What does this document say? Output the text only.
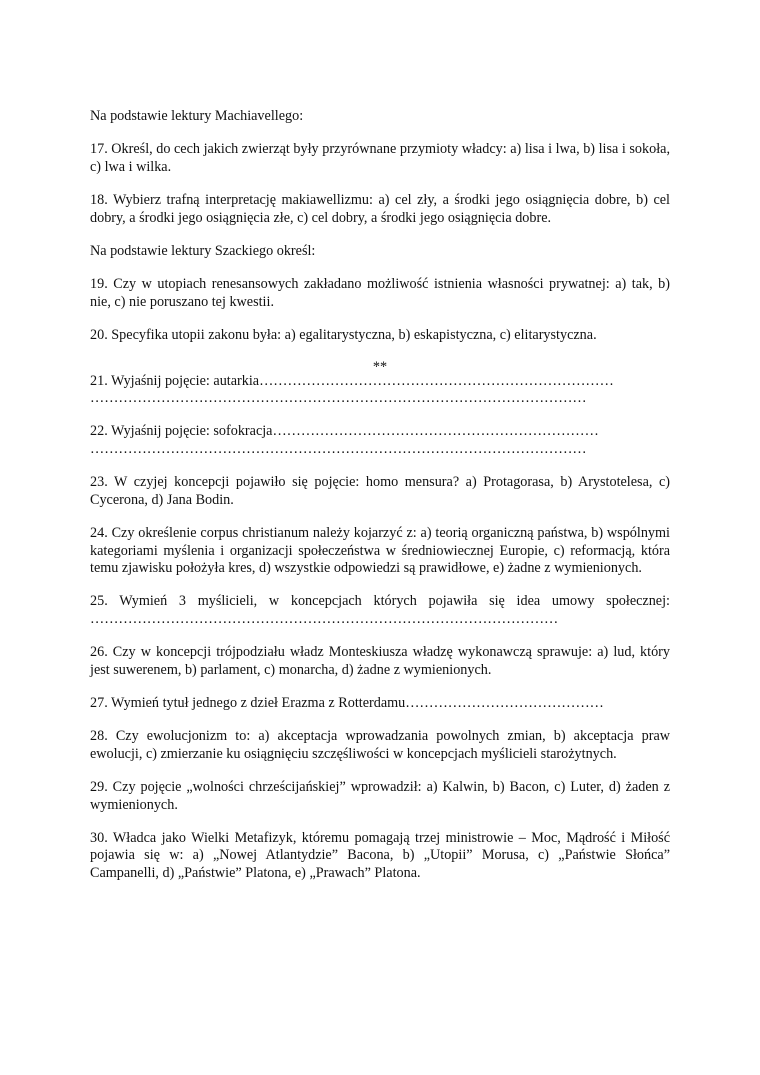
Na podstawie lektury Machiavellego:

17. Określ, do cech jakich zwierząt były przyrównane przymioty władcy: a) lisa i lwa, b) lisa i sokoła, c) lwa i wilka.

18. Wybierz trafną interpretację makiawellizmu: a) cel zły, a środki jego osiągnięcia dobre, b) cel dobry, a środki jego osiągnięcia złe, c) cel dobry, a środki jego osiągnięcia dobre.

Na podstawie lektury Szackiego określ:

19. Czy w utopiach renesansowych zakładano możliwość istnienia własności prywatnej: a) tak, b) nie, c) nie poruszano tej kwestii.

20. Specyfika utopii zakonu była: a) egalitarystyczna, b) eskapistyczna, c) elitarystyczna.

**
21. Wyjaśnij pojęcie: autarkia…………………………………………………………………
……………………………………………………………………………………………
22. Wyjaśnij pojęcie: sofokracja……………………………………………………………
……………………………………………………………………………………………

23. W czyjej koncepcji pojawiło się pojęcie: homo mensura? a) Protagorasa, b) Arystotelesa, c) Cycerona, d) Jana Bodin.

24. Czy określenie corpus christianum należy kojarzyć z: a) teorią organiczną państwa, b) wspólnymi kategoriami myślenia i organizacji społeczeństwa w średniowiecznej Europie, c) reformacją, która temu zjawisku położyła kres, d) wszystkie odpowiedzi są prawidłowe, e) żadne z wymienionych.

25. Wymień 3 myślicieli, w koncepcjach których pojawiła się idea umowy społecznej:
………………………………………………………………………………………

26. Czy w koncepcji trójpodziału władz Monteskiusza władzę wykonawczą sprawuje: a) lud, który jest suwerenem, b) parlament, c) monarcha, d) żadne z wymienionych.

27. Wymień tytuł jednego z dzieł Erazma z Rotterdamu……………………………………

28. Czy ewolucjonizm to: a) akceptacja wprowadzania powolnych zmian, b) akceptacja praw ewolucji, c) zmierzanie ku osiągnięciu szczęśliwości w koncepcjach myślicieli starożytnych.

29. Czy pojęcie „wolności chrześcijańskiej” wprowadził: a) Kalwin, b) Bacon, c) Luter, d) żaden z wymienionych.

30. Władca jako Wielki Metafizyk, któremu pomagają trzej ministrowie – Moc, Mądrość i Miłość pojawia się w: a) „Nowej Atlantydzie” Bacona, b) „Utopii” Morusa, c) „Państwie Słońca” Campanelli, d) „Państwie” Platona, e) „Prawach” Platona.
